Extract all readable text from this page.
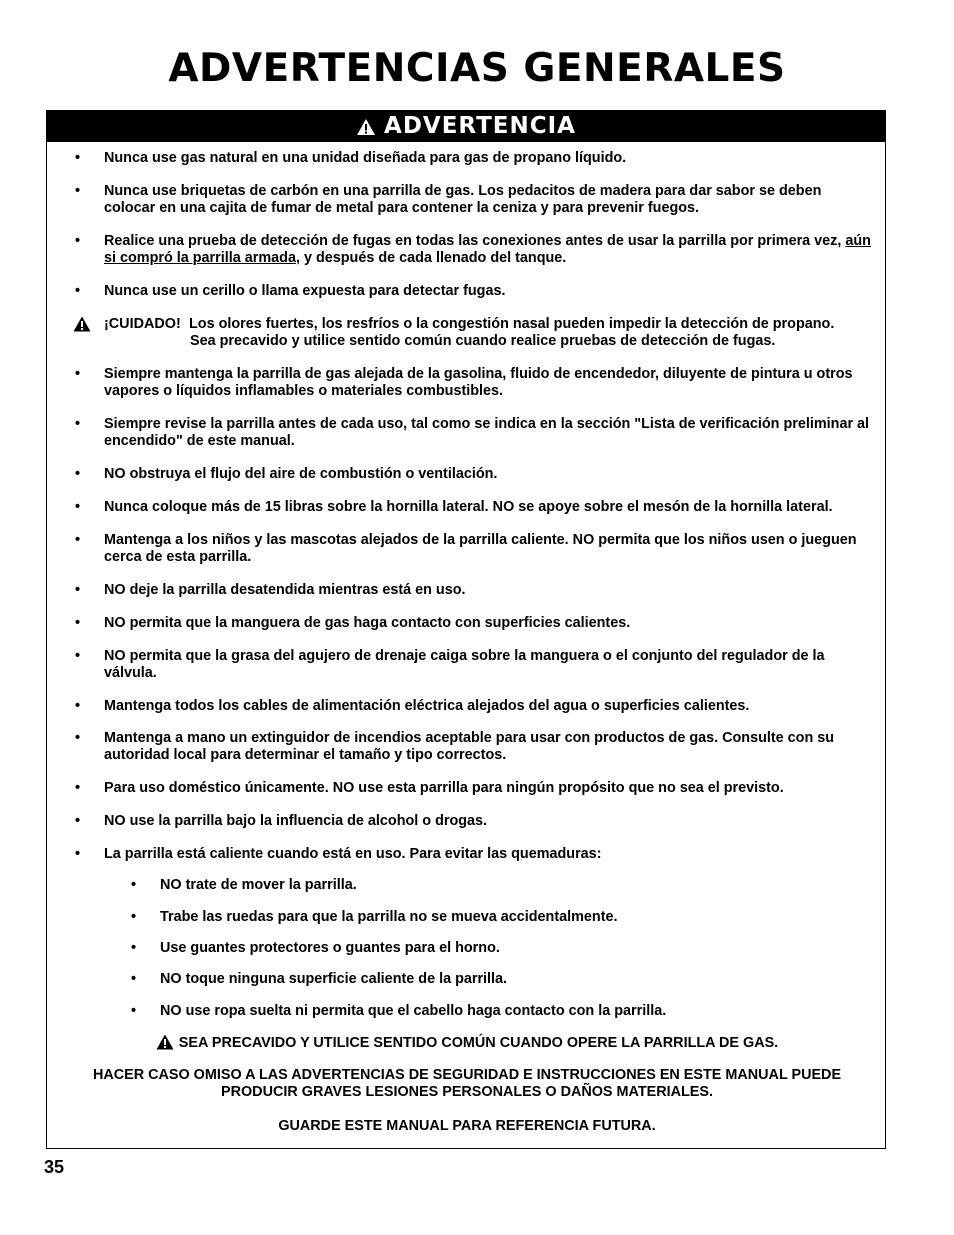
ADVERTENCIAS GENERALES
ADVERTENCIA
• Nunca use gas natural en una unidad diseñada para gas de propano líquido.
• Nunca use briquetas de carbón en una parrilla de gas. Los pedacitos de madera para dar sabor se deben colocar en una cajita de fumar de metal para contener la ceniza y para prevenir fuegos.
• Realice una prueba de detección de fugas en todas las conexiones antes de usar la parrilla por primera vez, aún si compró la parrilla armada, y después de cada llenado del tanque.
• Nunca use un cerillo o llama expuesta para detectar fugas.
¡CUIDADO! Los olores fuertes, los resfríos o la congestión nasal pueden impedir la detección de propano.
Sea precavido y utilice sentido común cuando realice pruebas de detección de fugas.
• Siempre mantenga la parrilla de gas alejada de la gasolina, fluido de encendedor, diluyente de pintura u otros vapores o líquidos inflamables o materiales combustibles.
• Siempre revise la parrilla antes de cada uso, tal como se indica en la sección "Lista de verificación preliminar al encendido" de este manual.
• NO obstruya el flujo del aire de combustión o ventilación.
• Nunca coloque más de 15 libras sobre la hornilla lateral. NO se apoye sobre el mesón de la hornilla lateral.
• Mantenga a los niños y las mascotas alejados de la parrilla caliente. NO permita que los niños usen o jueguen cerca de esta parrilla.
• NO deje la parrilla desatendida mientras está en uso.
• NO permita que la manguera de gas haga contacto con superficies calientes.
• NO permita que la grasa del agujero de drenaje caiga sobre la manguera o el conjunto del regulador de la válvula.
• Mantenga todos los cables de alimentación eléctrica alejados del agua o superficies calientes.
• Mantenga a mano un extinguidor de incendios aceptable para usar con productos de gas. Consulte con su autoridad local para determinar el tamaño y tipo correctos.
• Para uso doméstico únicamente. NO use esta parrilla para ningún propósito que no sea el previsto.
• NO use la parrilla bajo la influencia de alcohol o drogas.
• La parrilla está caliente cuando está en uso. Para evitar las quemaduras:
• NO trate de mover la parrilla.
• Trabe las ruedas para que la parrilla no se mueva accidentalmente.
• Use guantes protectores o guantes para el horno.
• NO toque ninguna superficie caliente de la parrilla.
• NO use ropa suelta ni permita que el cabello haga contacto con la parrilla.
SEA PRECAVIDO Y UTILICE SENTIDO COMÚN CUANDO OPERE LA PARRILLA DE GAS.
HACER CASO OMISO A LAS ADVERTENCIAS DE SEGURIDAD E INSTRUCCIONES EN ESTE MANUAL PUEDE
PRODUCIR GRAVES LESIONES PERSONALES O DAÑOS MATERIALES.
GUARDE ESTE MANUAL PARA REFERENCIA FUTURA.

35
